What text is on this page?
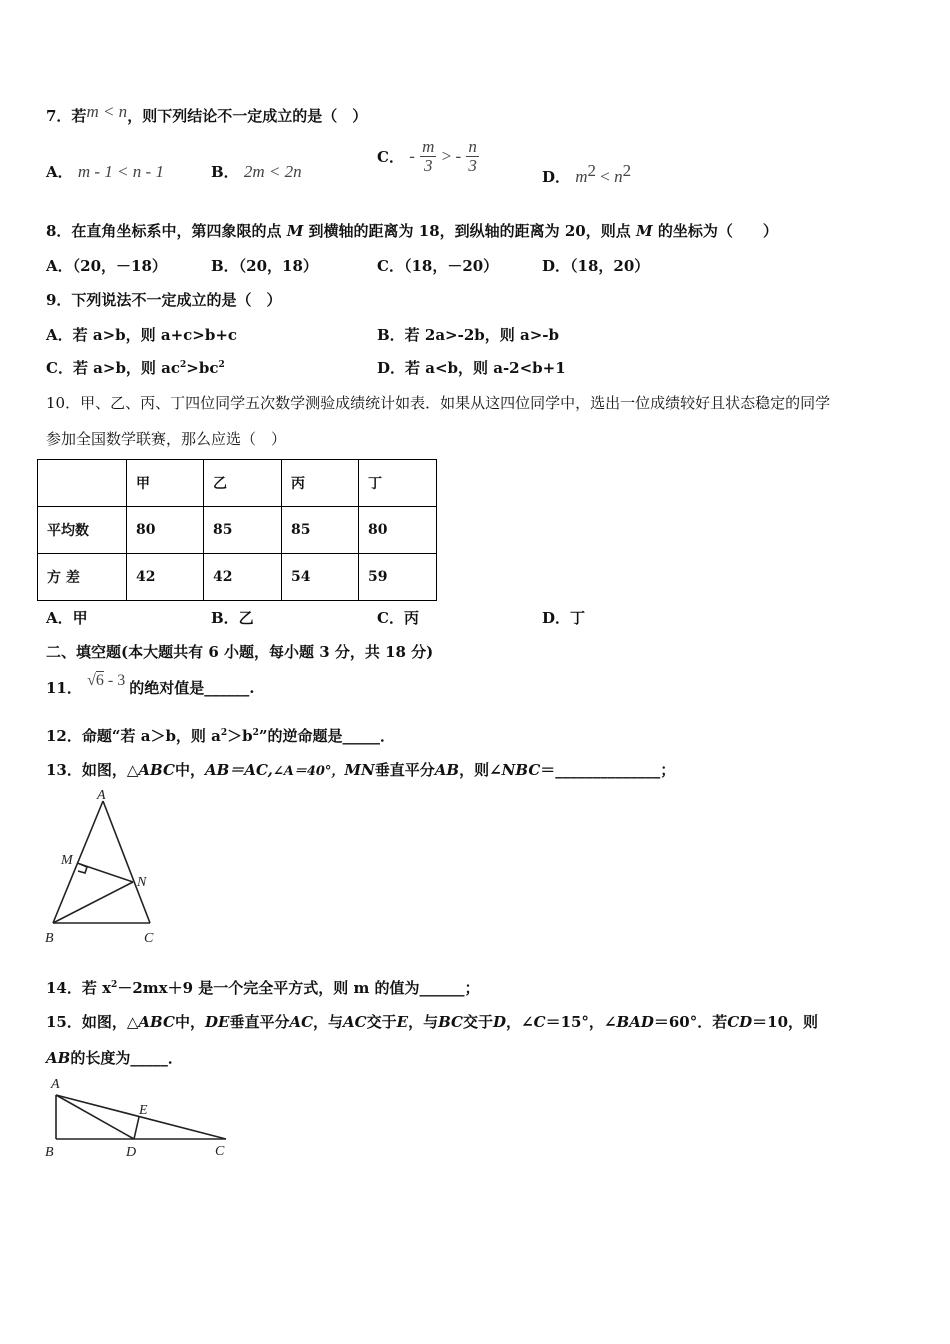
7．若m < n，则下列结论不一定成立的是（　）
A． m - 1 < n - 1	B． 2m < 2n
C． - $\frac{m}{3}$ > - $\frac{n}{3}$
D． $m^2 < n^2$
8．在直角坐标系中，第四象限的点 M 到横轴的距离为 18，到纵轴的距离为 20，则点 M 的坐标为（　　）
A．（20，－18）	B．（20，18）	C．（18，－20）	D．（18，20）
9．下列说法不一定成立的是（　）
A．若 a>b，则 a+c>b+c	B．若 2a>-2b，则 a>-b
C．若 a>b，则 $ac^2>bc^2$	D．若 a<b，则 a-2<b+1
10．甲、乙、丙、丁四位同学五次数学测验成绩统计如表．如果从这四位同学中，选出一位成绩较好且状态稳定的同学
参加全国数学联赛，那么应选（　）
	甲	乙	丙	丁
平均数	80	85	85	80
方 差	42	42	54	59
A．甲	B．乙	C．丙	D．丁
二、填空题(本大题共有 6 小题，每小题 3 分，共 18 分)
11． √6 - 3 的绝对值是______.
12．命题“若 a＞b，则 $a^2>b^2$”的逆命题是_____．
13．如图，△ABC中，AB＝AC,∠A＝40°，MN垂直平分AB，则∠NBC＝______________；
A
M
N
B	C
14．若 $x^2-2mx+9$ 是一个完全平方式，则 m 的值为______；
15．如图，△ABC中，DE垂直平分AC，与AC交于E，与BC交于D，∠C＝15°，∠BAD＝60°．若CD＝10，则
AB的长度为_____．
A
E
B	D	C
